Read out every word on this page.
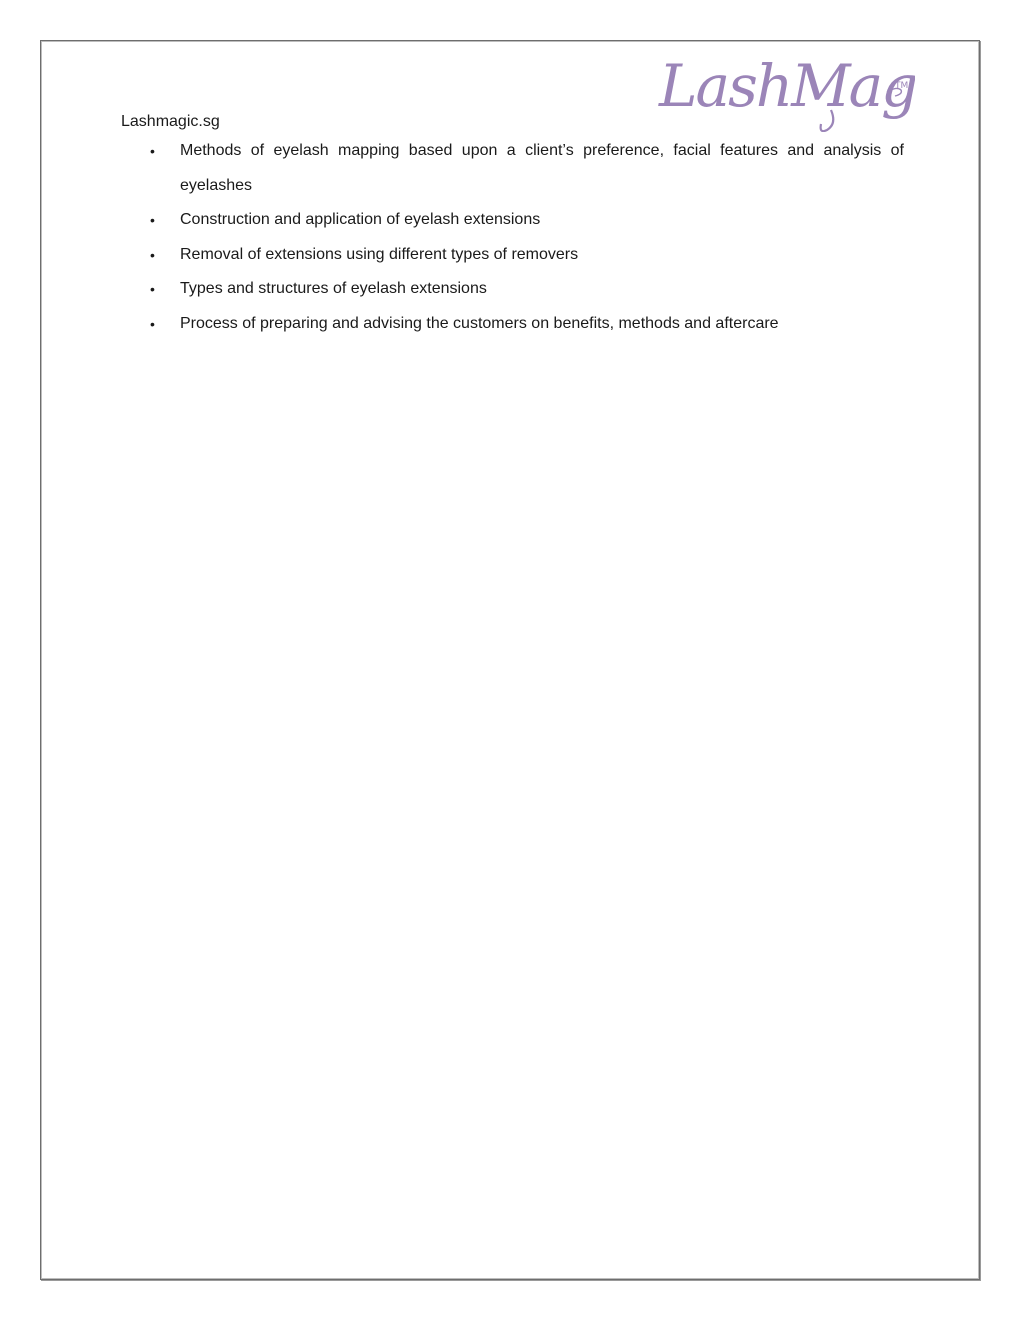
LashMag
TM

Lashmagic.sg

•	Methods of eyelash mapping based upon a client’s preference, facial features and analysis of eyelashes
•	Construction and application of eyelash extensions
•	Removal of extensions using different types of removers
•	Types and structures of eyelash extensions
•	Process of preparing and advising the customers on benefits, methods and aftercare
